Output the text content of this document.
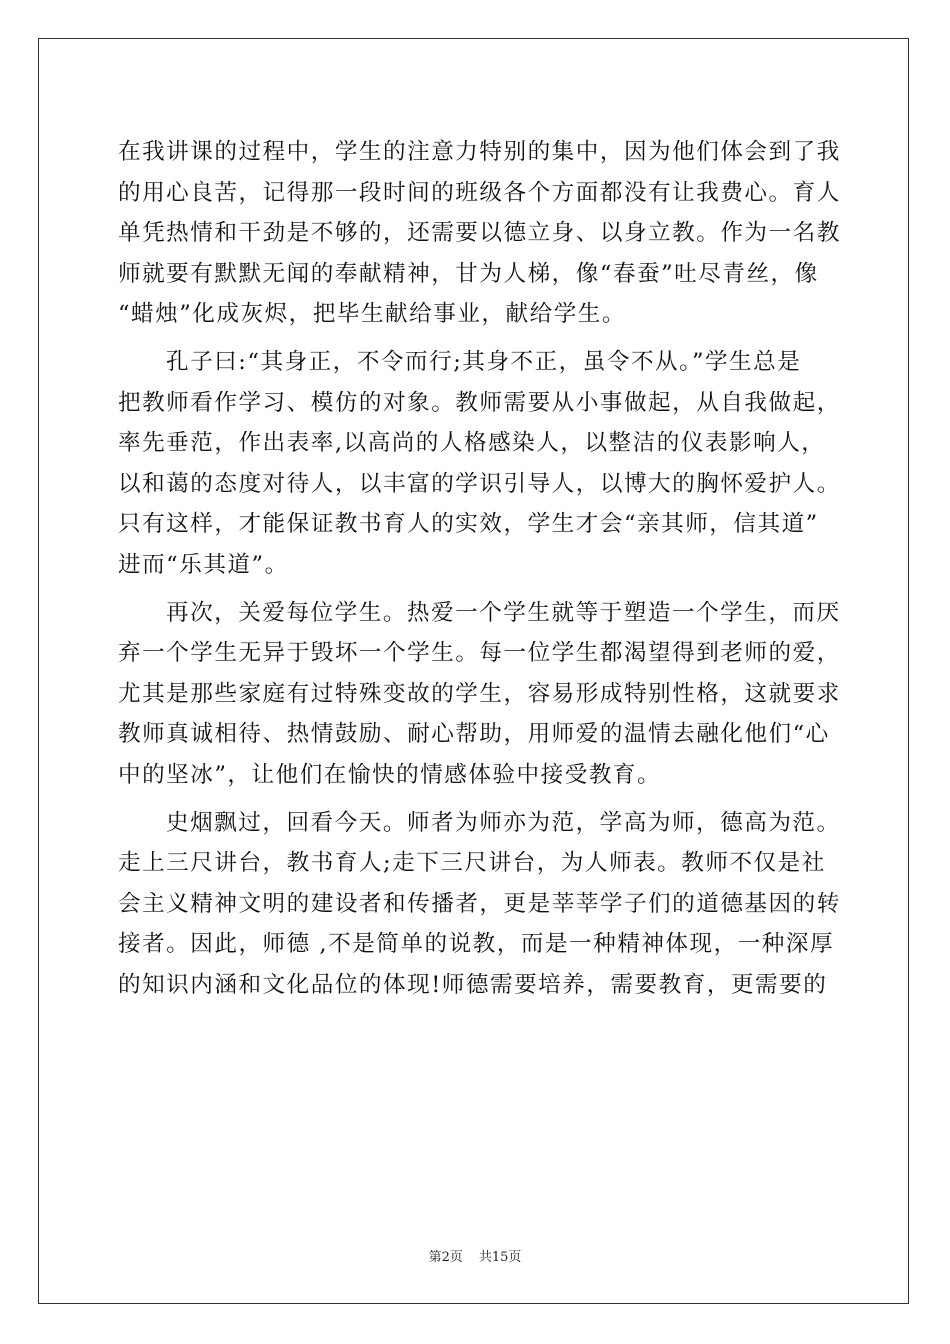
在我讲课的过程中，学生的注意力特别的集中，因为他们体会到了我
的用心良苦，记得那一段时间的班级各个方面都没有让我费心。育人
单凭热情和干劲是不够的，还需要以德立身、以身立教。作为一名教
师就要有默默无闻的奉献精神，甘为人梯，像“春蚕”吐尽青丝，像
“蜡烛”化成灰烬，把毕生献给事业，献给学生。
孔子曰:“其身正，不令而行;其身不正，虽令不从。”学生总是
把教师看作学习、模仿的对象。教师需要从小事做起，从自我做起，
率先垂范，作出表率,以高尚的人格感染人，以整洁的仪表影响人，
以和蔼的态度对待人，以丰富的学识引导人，以博大的胸怀爱护人。
只有这样，才能保证教书育人的实效，学生才会“亲其师，信其道”
进而“乐其道”。
再次，关爱每位学生。热爱一个学生就等于塑造一个学生，而厌
弃一个学生无异于毁坏一个学生。每一位学生都渴望得到老师的爱，
尤其是那些家庭有过特殊变故的学生，容易形成特别性格，这就要求
教师真诚相待、热情鼓励、耐心帮助，用师爱的温情去融化他们“心
中的坚冰”，让他们在愉快的情感体验中接受教育。
史烟飘过，回看今天。师者为师亦为范，学高为师，德高为范。
走上三尺讲台，教书育人;走下三尺讲台，为人师表。教师不仅是社
会主义精神文明的建设者和传播者，更是莘莘学子们的道德基因的转
接者。因此，师德 ,不是简单的说教，而是一种精神体现，一种深厚
的知识内涵和文化品位的体现!师德需要培养，需要教育，更需要的
第2页 共15页
